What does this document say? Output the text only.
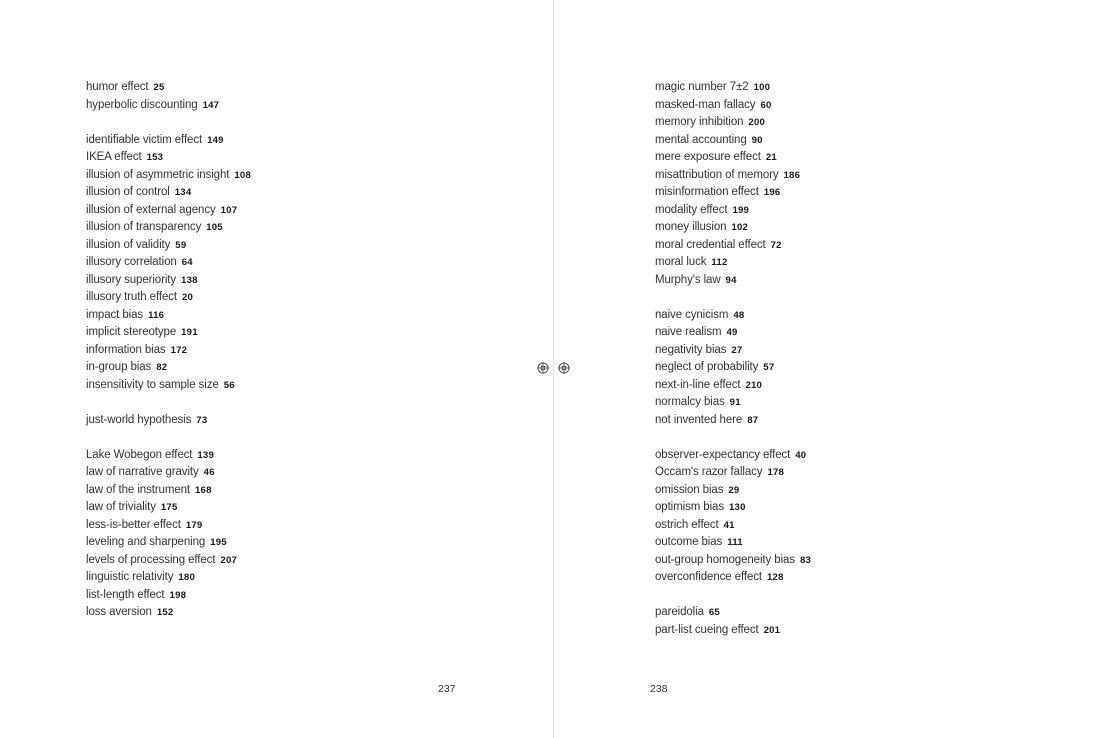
humor effect 25
hyperbolic discounting 147
identifiable victim effect 149
IKEA effect 153
illusion of asymmetric insight 108
illusion of control 134
illusion of external agency 107
illusion of transparency 105
illusion of validity 59
illusory correlation 64
illusory superiority 138
illusory truth effect 20
impact bias 116
implicit stereotype 191
information bias 172
in-group bias 82
insensitivity to sample size 56
just-world hypothesis 73
Lake Wobegon effect 139
law of narrative gravity 46
law of the instrument 168
law of triviality 175
less-is-better effect 179
leveling and sharpening 195
levels of processing effect 207
linguistic relativity 180
list-length effect 198
loss aversion 152
237
magic number 7±2 100
masked-man fallacy 60
memory inhibition 200
mental accounting 90
mere exposure effect 21
misattribution of memory 186
misinformation effect 196
modality effect 199
money illusion 102
moral credential effect 72
moral luck 112
Murphy's law 94
naive cynicism 48
naive realism 49
negativity bias 27
neglect of probability 57
next-in-line effect 210
normalcy bias 91
not invented here 87
observer-expectancy effect 40
Occam's razor fallacy 178
omission bias 29
optimism bias 130
ostrich effect 41
outcome bias 111
out-group homogeneity bias 83
overconfidence effect 128
pareidolia 65
part-list cueing effect 201
238
